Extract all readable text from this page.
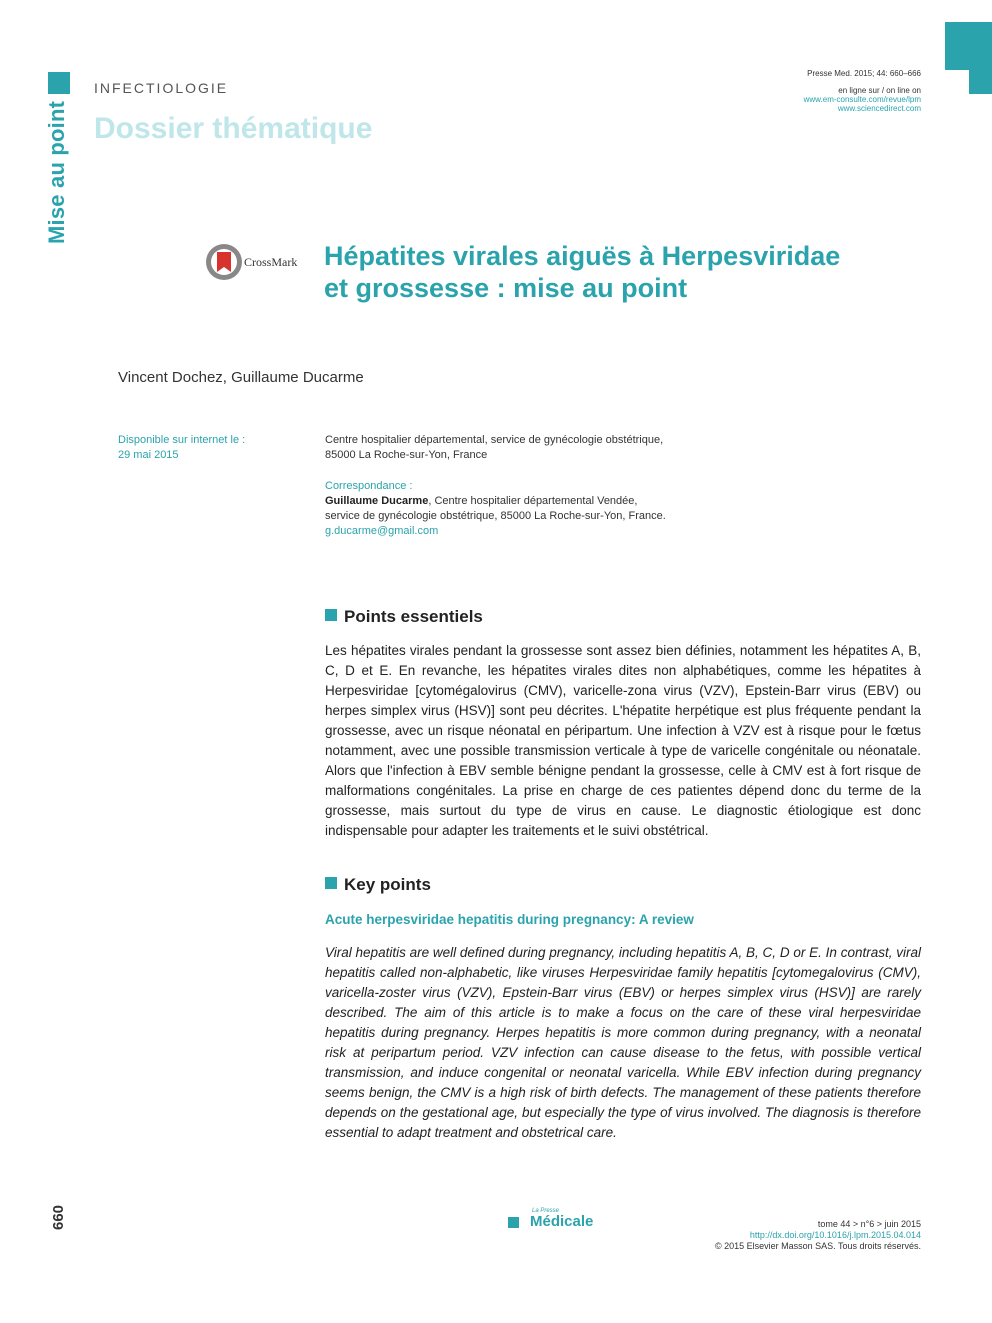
Mise au point
INFECTIOLOGIE
Dossier thématique
Presse Med. 2015; 44: 660–666
en ligne sur / on line on
www.em-consulte.com/revue/lpm
www.sciencedirect.com
CrossMark Hépatites virales aiguës à Herpesviridae
et grossesse : mise au point
Vincent Dochez, Guillaume Ducarme
Disponible sur internet le :
29 mai 2015
Centre hospitalier départemental, service de gynécologie obstétrique,
85000 La Roche-sur-Yon, France
Correspondance :
Guillaume Ducarme, Centre hospitalier départemental Vendée,
service de gynécologie obstétrique, 85000 La Roche-sur-Yon, France.
g.ducarme@gmail.com
Points essentiels
Les hépatites virales pendant la grossesse sont assez bien définies, notamment les hépatites A, B, C, D et E. En revanche, les hépatites virales dites non alphabétiques, comme les hépatites à Herpesviridae [cytomégalovirus (CMV), varicelle-zona virus (VZV), Epstein-Barr virus (EBV) ou herpes simplex virus (HSV)] sont peu décrites. L'hépatite herpétique est plus fréquente pendant la grossesse, avec un risque néonatal en péripartum. Une infection à VZV est à risque pour le fœtus notamment, avec une possible transmission verticale à type de varicelle congénitale ou néonatale. Alors que l'infection à EBV semble bénigne pendant la grossesse, celle à CMV est à fort risque de malformations congénitales. La prise en charge de ces patientes dépend donc du terme de la grossesse, mais surtout du type de virus en cause. Le diagnostic étiologique est donc indispensable pour adapter les traitements et le suivi obstétrical.
Key points
Acute herpesviridae hepatitis during pregnancy: A review
Viral hepatitis are well defined during pregnancy, including hepatitis A, B, C, D or E. In contrast, viral hepatitis called non-alphabetic, like viruses Herpesviridae family hepatitis [cytomegalovirus (CMV), varicella-zoster virus (VZV), Epstein-Barr virus (EBV) or herpes simplex virus (HSV)] are rarely described. The aim of this article is to make a focus on the care of these viral herpesviridae hepatitis during pregnancy. Herpes hepatitis is more common during pregnancy, with a neonatal risk at peripartum period. VZV infection can cause disease to the fetus, with possible vertical transmission, and induce congenital or neonatal varicella. While EBV infection during pregnancy seems benign, the CMV is a high risk of birth defects. The management of these patients therefore depends on the gestational age, but especially the type of virus involved. The diagnosis is therefore essential to adapt treatment and obstetrical care.
660	La Presse
Médicale	tome 44 > n°6 > juin 2015
http://dx.doi.org/10.1016/j.lpm.2015.04.014
© 2015 Elsevier Masson SAS. Tous droits réservés.
